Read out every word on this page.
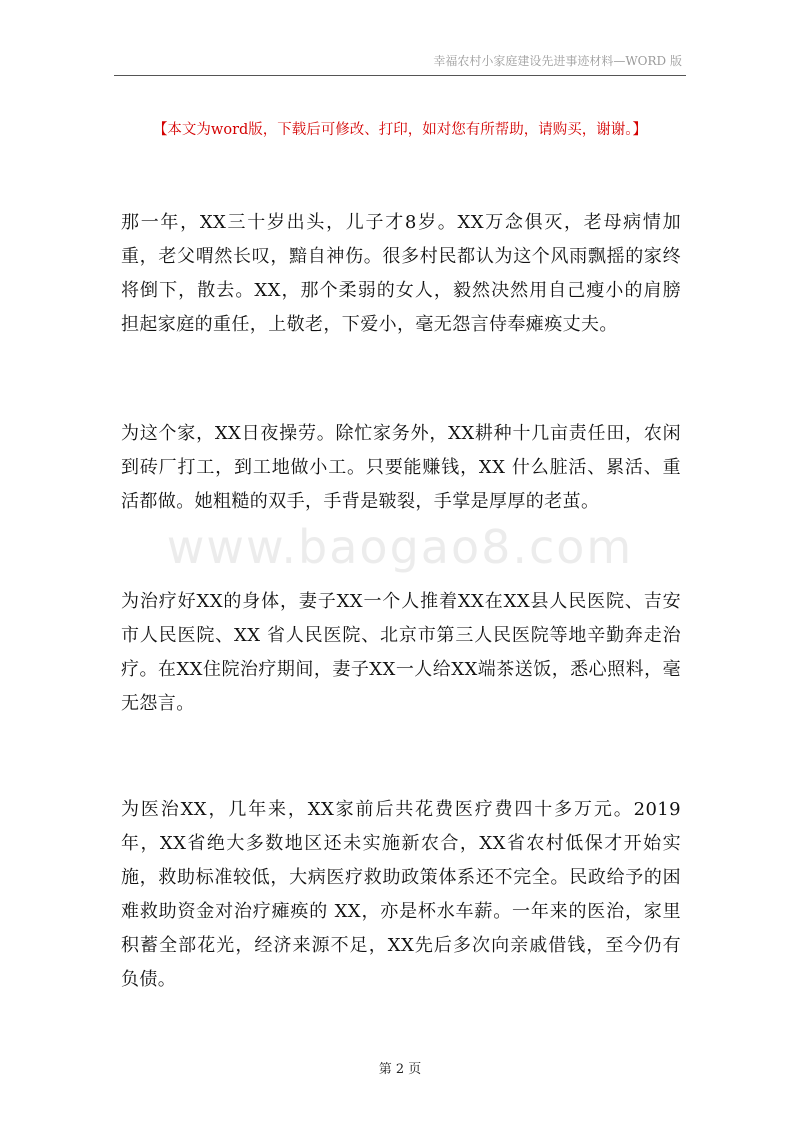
幸福农村小家庭建设先进事迹材料—WORD 版
【本文为word版，下载后可修改、打印，如对您有所帮助，请购买，谢谢。】

那一年，XX三十岁出头，儿子才8岁。XX万念俱灭，老母病情加重，老父喟然长叹，黯自神伤。很多村民都认为这个风雨飘摇的家终将倒下，散去。XX，那个柔弱的女人，毅然决然用自己瘦小的肩膀担起家庭的重任，上敬老，下爱小，毫无怨言侍奉瘫痪丈夫。

为这个家，XX日夜操劳。除忙家务外，XX耕种十几亩责任田，农闲到砖厂打工，到工地做小工。只要能赚钱，XX 什么脏活、累活、重活都做。她粗糙的双手，手背是皲裂，手掌是厚厚的老茧。

www.baogao8.com

为治疗好XX的身体，妻子XX一个人推着XX在XX县人民医院、吉安市人民医院、XX 省人民医院、北京市第三人民医院等地辛勤奔走治疗。在XX住院治疗期间，妻子XX一人给XX端茶送饭，悉心照料，毫无怨言。

为医治XX，几年来，XX家前后共花费医疗费四十多万元。2019年，XX省绝大多数地区还未实施新农合，XX省农村低保才开始实施，救助标准较低，大病医疗救助政策体系还不完全。民政给予的困难救助资金对治疗瘫痪的 XX，亦是杯水车薪。一年来的医治，家里积蓄全部花光，经济来源不足，XX先后多次向亲戚借钱，至今仍有负债。

第 2 页
